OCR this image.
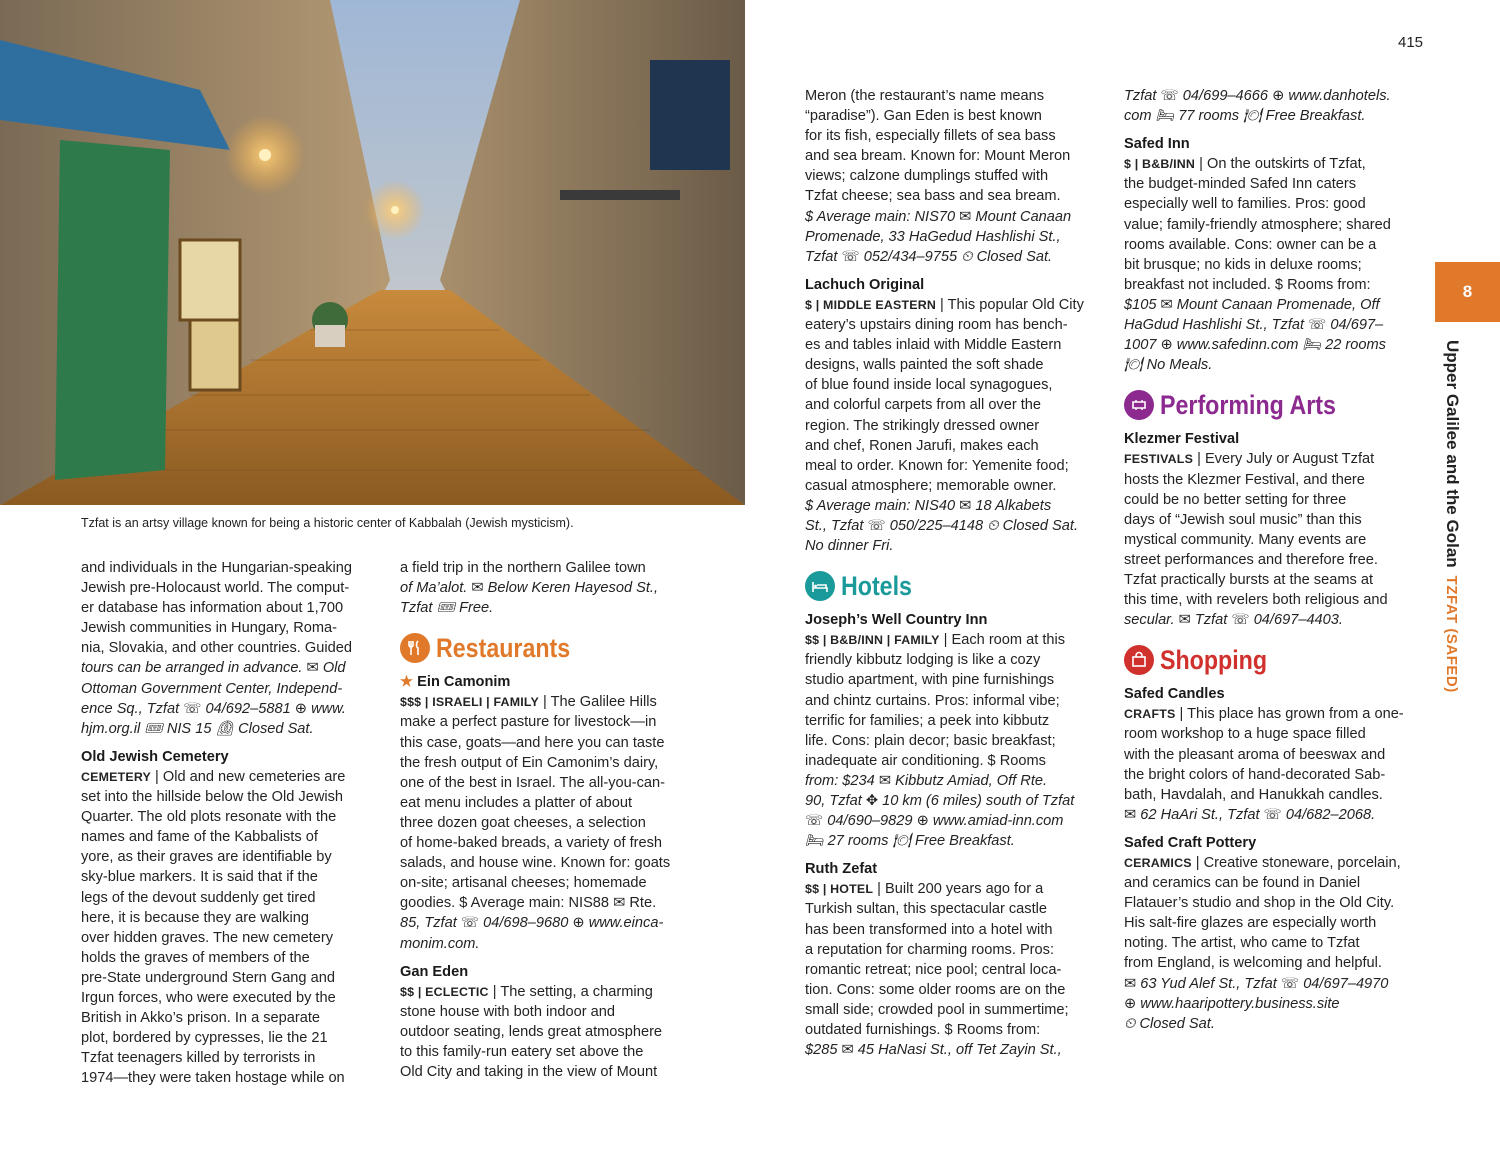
Tzfat is an artsy village known for being a historic center of Kabbalah (Jewish mysticism).
415
8
Upper Galilee and the GolanTZFAT (SAFED)

and individuals in the Hungarian-speaking

Jewish pre-Holocaust world. The comput-

er database has information about 1,700

Jewish communities in Hungary, Roma-

nia, Slovakia, and other countries. Guided

tours can be arranged in advance. ✉ Old

Ottoman Government Center, Independ-

ence Sq., Tzfat ☏ 04/692–5881 ⊕ www.

hjm.org.il 🎟 NIS 15 ⏲ Closed Sat.

Old Jewish Cemetery

CEMETERY | Old and new cemeteries are

set into the hillside below the Old Jewish

Quarter. The old plots resonate with the

names and fame of the Kabbalists of

yore, as their graves are identifiable by

sky-blue markers. It is said that if the

legs of the devout suddenly get tired

here, it is because they are walking

over hidden graves. The new cemetery

holds the graves of members of the

pre-State underground Stern Gang and

Irgun forces, who were executed by the

British in Akko’s prison. In a separate

plot, bordered by cypresses, lie the 21

Tzfat teenagers killed by terrorists in

1974—they were taken hostage while on

a field trip in the northern Galilee town

of Ma’alot. ✉ Below Keren Hayesod St.,

Tzfat 🎟 Free.

Restaurants
★ Ein Camonim

$$$ | ISRAELI | FAMILY | The Galilee Hills

make a perfect pasture for livestock—in

this case, goats—and here you can taste

the fresh output of Ein Camonim’s dairy,

one of the best in Israel. The all-you-can-

eat menu includes a platter of about

three dozen goat cheeses, a selection

of home-baked breads, a variety of fresh

salads, and house wine. Known for: goats

on-site; artisanal cheeses; homemade

goodies. $ Average main: NIS88 ✉ Rte.

85, Tzfat ☏ 04/698–9680 ⊕ www.einca-

monim.com.

Gan Eden

$$ | ECLECTIC | The setting, a charming

stone house with both indoor and

outdoor seating, lends great atmosphere

to this family-run eatery set above the

Old City and taking in the view of Mount

Meron (the restaurant’s name means

“paradise”). Gan Eden is best known

for its fish, especially fillets of sea bass

and sea bream. Known for: Mount Meron

views; calzone dumplings stuffed with

Tzfat cheese; sea bass and sea bream.

$ Average main: NIS70 ✉ Mount Canaan

Promenade, 33 HaGedud Hashlishi St.,

Tzfat ☏ 052/434–9755 ⏲ Closed Sat.

Lachuch Original

$ | MIDDLE EASTERN | This popular Old City

eatery’s upstairs dining room has bench-

es and tables inlaid with Middle Eastern

designs, walls painted the soft shade

of blue found inside local synagogues,

and colorful carpets from all over the

region. The strikingly dressed owner

and chef, Ronen Jarufi, makes each

meal to order. Known for: Yemenite food;

casual atmosphere; memorable owner.

$ Average main: NIS40 ✉ 18 Alkabets

St., Tzfat ☏ 050/225–4148 ⏲ Closed Sat.

No dinner Fri.

Hotels
Joseph’s Well Country Inn

$$ | B&B/INN | FAMILY | Each room at this

friendly kibbutz lodging is like a cozy

studio apartment, with pine furnishings

and chintz curtains. Pros: informal vibe;

terrific for families; a peek into kibbutz

life. Cons: plain decor; basic breakfast;

inadequate air conditioning. $ Rooms

from: $234 ✉ Kibbutz Amiad, Off Rte.

90, Tzfat ✥ 10 km (6 miles) south of Tzfat

☏ 04/690–9829 ⊕ www.amiad-inn.com

🛏 27 rooms 🍽 Free Breakfast.

Ruth Zefat

$$ | HOTEL | Built 200 years ago for a

Turkish sultan, this spectacular castle

has been transformed into a hotel with

a reputation for charming rooms. Pros:

romantic retreat; nice pool; central loca-

tion. Cons: some older rooms are on the

small side; crowded pool in summertime;

outdated furnishings. $ Rooms from:

$285 ✉ 45 HaNasi St., off Tet Zayin St.,

Tzfat ☏ 04/699–4666 ⊕ www.danhotels.

com 🛏 77 rooms 🍽 Free Breakfast.

Safed Inn

$ | B&B/INN | On the outskirts of Tzfat,

the budget-minded Safed Inn caters

especially well to families. Pros: good

value; family-friendly atmosphere; shared

rooms available. Cons: owner can be a

bit brusque; no kids in deluxe rooms;

breakfast not included. $ Rooms from:

$105 ✉ Mount Canaan Promenade, Off

HaGdud Hashlishi St., Tzfat ☏ 04/697–

1007 ⊕ www.safedinn.com 🛏 22 rooms

🍽 No Meals.

Performing Arts
Klezmer Festival

FESTIVALS | Every July or August Tzfat

hosts the Klezmer Festival, and there

could be no better setting for three

days of “Jewish soul music” than this

mystical community. Many events are

street performances and therefore free.

Tzfat practically bursts at the seams at

this time, with revelers both religious and

secular. ✉ Tzfat ☏ 04/697–4403.

Shopping
Safed Candles

CRAFTS | This place has grown from a one-

room workshop to a huge space filled

with the pleasant aroma of beeswax and

the bright colors of hand-decorated Sab-

bath, Havdalah, and Hanukkah candles.

✉ 62 HaAri St., Tzfat ☏ 04/682–2068.

Safed Craft Pottery

CERAMICS | Creative stoneware, porcelain,

and ceramics can be found in Daniel

Flatauer’s studio and shop in the Old City.

His salt-fire glazes are especially worth

noting. The artist, who came to Tzfat

from England, is welcoming and helpful.

✉ 63 Yud Alef St., Tzfat ☏ 04/697–4970

⊕ www.haaripottery.business.site

⏲ Closed Sat.
